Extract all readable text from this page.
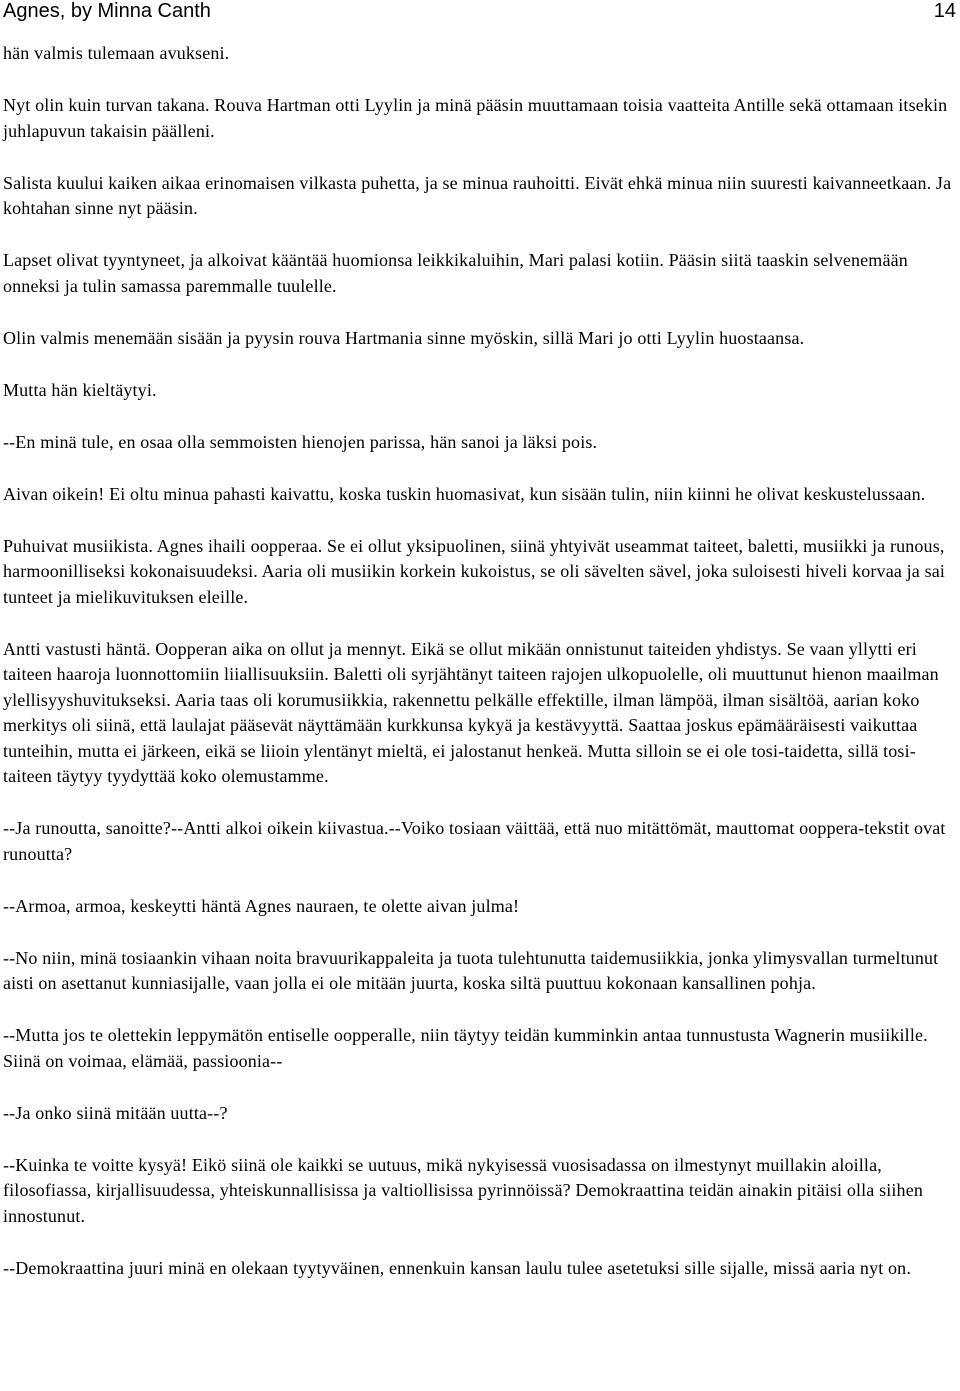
Agnes, by Minna Canth	14

hän valmis tulemaan avukseni.

Nyt olin kuin turvan takana. Rouva Hartman otti Lyylin ja minä pääsin muuttamaan toisia vaatteita Antille sekä ottamaan itsekin juhlapuvun takaisin päälleni.

Salista kuului kaiken aikaa erinomaisen vilkasta puhetta, ja se minua rauhoitti. Eivät ehkä minua niin suuresti kaivanneetkaan. Ja kohtahan sinne nyt pääsin.

Lapset olivat tyyntyneet, ja alkoivat kääntää huomionsa leikkikaluihin, Mari palasi kotiin. Pääsin siitä taaskin selvenemään onneksi ja tulin samassa paremmalle tuulelle.

Olin valmis menemään sisään ja pyysin rouva Hartmania sinne myöskin, sillä Mari jo otti Lyylin huostaansa.

Mutta hän kieltäytyi.

--En minä tule, en osaa olla semmoisten hienojen parissa, hän sanoi ja läksi pois.

Aivan oikein! Ei oltu minua pahasti kaivattu, koska tuskin huomasivat, kun sisään tulin, niin kiinni he olivat keskustelussaan.

Puhuivat musiikista. Agnes ihaili oopperaa. Se ei ollut yksipuolinen, siinä yhtyivät useammat taiteet, baletti, musiikki ja runous, harmoonilliseksi kokonaisuudeksi. Aaria oli musiikin korkein kukoistus, se oli sävelten sävel, joka suloisesti hiveli korvaa ja sai tunteet ja mielikuvituksen eleille.

Antti vastusti häntä. Oopperan aika on ollut ja mennyt. Eikä se ollut mikään onnistunut taiteiden yhdistys. Se vaan yllytti eri taiteen haaroja luonnottomiin liiallisuuksiin. Baletti oli syrjähtänyt taiteen rajojen ulkopuolelle, oli muuttunut hienon maailman ylellisyyshuvitukseksi. Aaria taas oli korumusiikkia, rakennettu pelkälle effektille, ilman lämpöä, ilman sisältöä, aarian koko merkitys oli siinä, että laulajat pääsevät näyttämään kurkkunsa kykyä ja kestävyyttä. Saattaa joskus epämääräisesti vaikuttaa tunteihin, mutta ei järkeen, eikä se liioin ylentänyt mieltä, ei jalostanut henkeä. Mutta silloin se ei ole tosi-taidetta, sillä tosi-taiteen täytyy tyydyttää koko olemustamme.

--Ja runoutta, sanoitte?--Antti alkoi oikein kiivastua.--Voiko tosiaan väittää, että nuo mitättömät, mauttomat ooppera-tekstit ovat runoutta?

--Armoa, armoa, keskeytti häntä Agnes nauraen, te olette aivan julma!

--No niin, minä tosiaankin vihaan noita bravuurikappaleita ja tuota tulehtunutta taidemusiikkia, jonka ylimysvallan turmeltunut aisti on asettanut kunniasijalle, vaan jolla ei ole mitään juurta, koska siltä puuttuu kokonaan kansallinen pohja.

--Mutta jos te olettekin leppymätön entiselle oopperalle, niin täytyy teidän kumminkin antaa tunnustusta Wagnerin musiikille. Siinä on voimaa, elämää, passioonia--

--Ja onko siinä mitään uutta--?

--Kuinka te voitte kysyä! Eikö siinä ole kaikki se uutuus, mikä nykyisessä vuosisadassa on ilmestynyt muillakin aloilla, filosofiassa, kirjallisuudessa, yhteiskunnallisissa ja valtiollisissa pyrinnöissä? Demokraattina teidän ainakin pitäisi olla siihen innostunut.

--Demokraattina juuri minä en olekaan tyytyväinen, ennenkuin kansan laulu tulee asetetuksi sille sijalle, missä aaria nyt on.
